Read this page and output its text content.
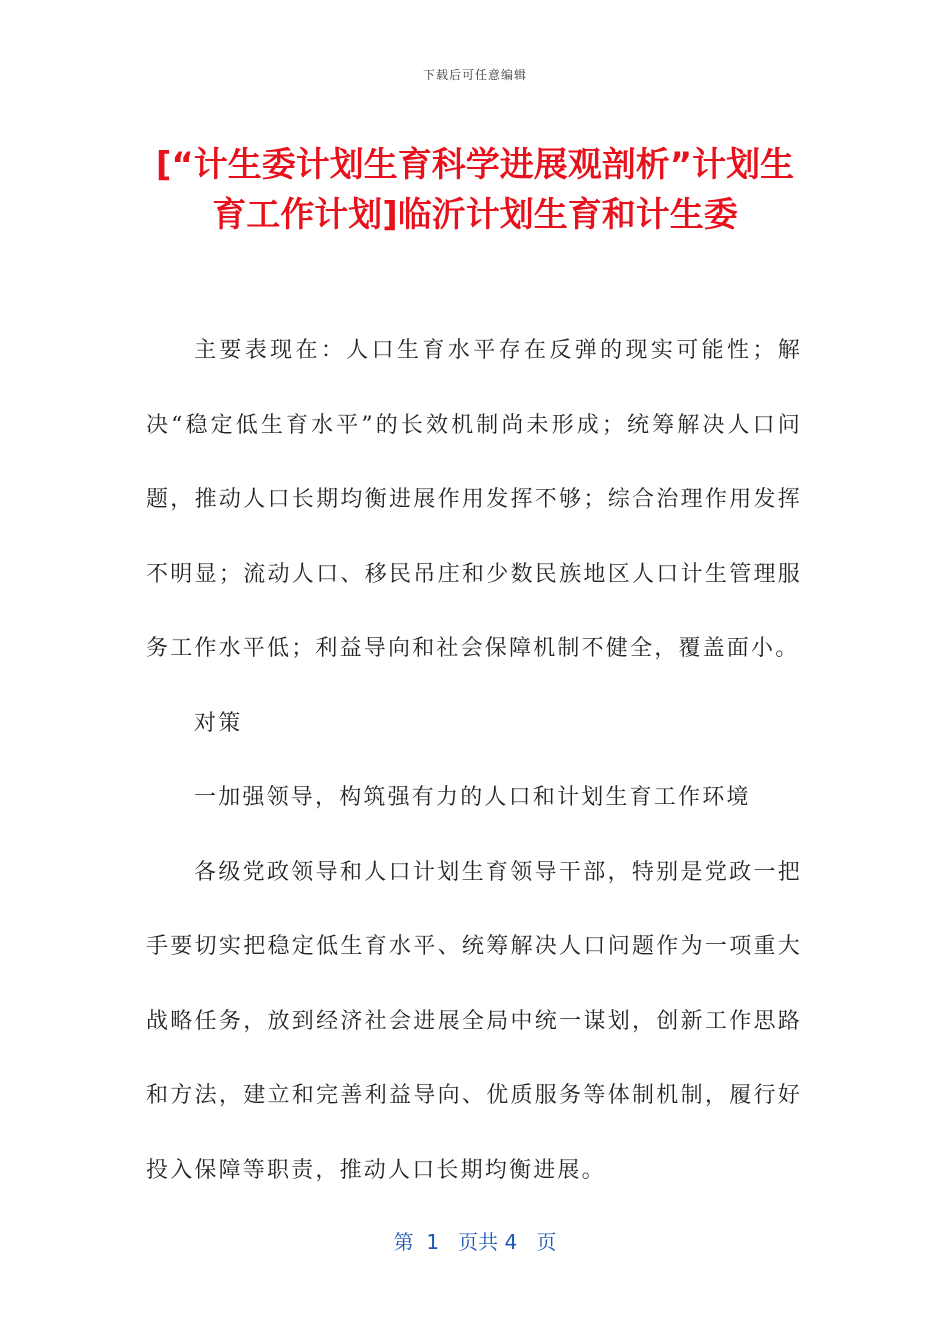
下载后可任意编辑
[“计生委计划生育科学进展观剖析”计划生育工作计划]临沂计划生育和计生委

主要表现在：人口生育水平存在反弹的现实可能性；解决“稳定低生育水平”的长效机制尚未形成；统筹解决人口问题，推动人口长期均衡进展作用发挥不够；综合治理作用发挥不明显；流动人口、移民吊庄和少数民族地区人口计生管理服务工作水平低；利益导向和社会保障机制不健全，覆盖面小。

对策

一加强领导，构筑强有力的人口和计划生育工作环境

各级党政领导和人口计划生育领导干部，特别是党政一把手要切实把稳定低生育水平、统筹解决人口问题作为一项重大战略任务，放到经济社会进展全局中统一谋划，创新工作思路和方法，建立和完善利益导向、优质服务等体制机制，履行好投入保障等职责，推动人口长期均衡进展。

第  1   页共 4   页
